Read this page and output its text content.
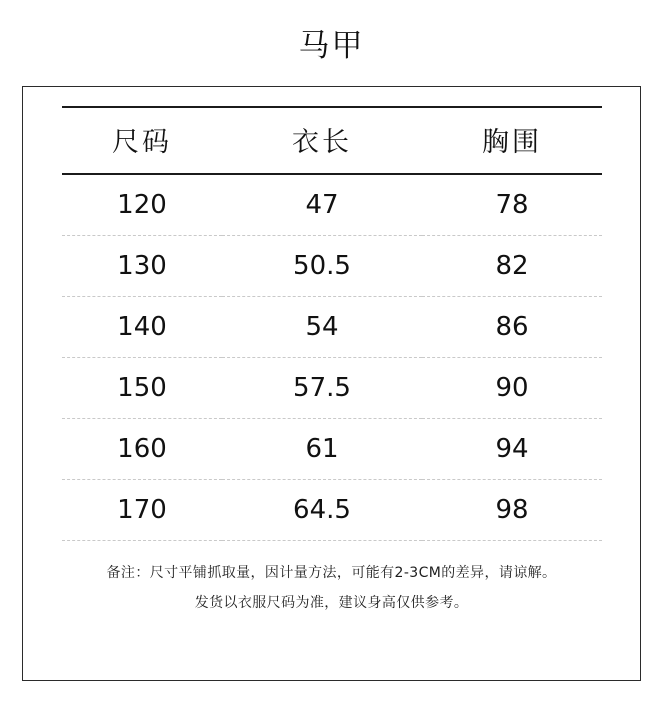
马甲
尺码	衣长	胸围
120	47	78
130	50.5	82
140	54	86
150	57.5	90
160	61	94
170	64.5	98
备注：尺寸平铺抓取量，因计量方法，可能有2-3CM的差异，请谅解。
发货以衣服尺码为准，建议身高仅供参考。
